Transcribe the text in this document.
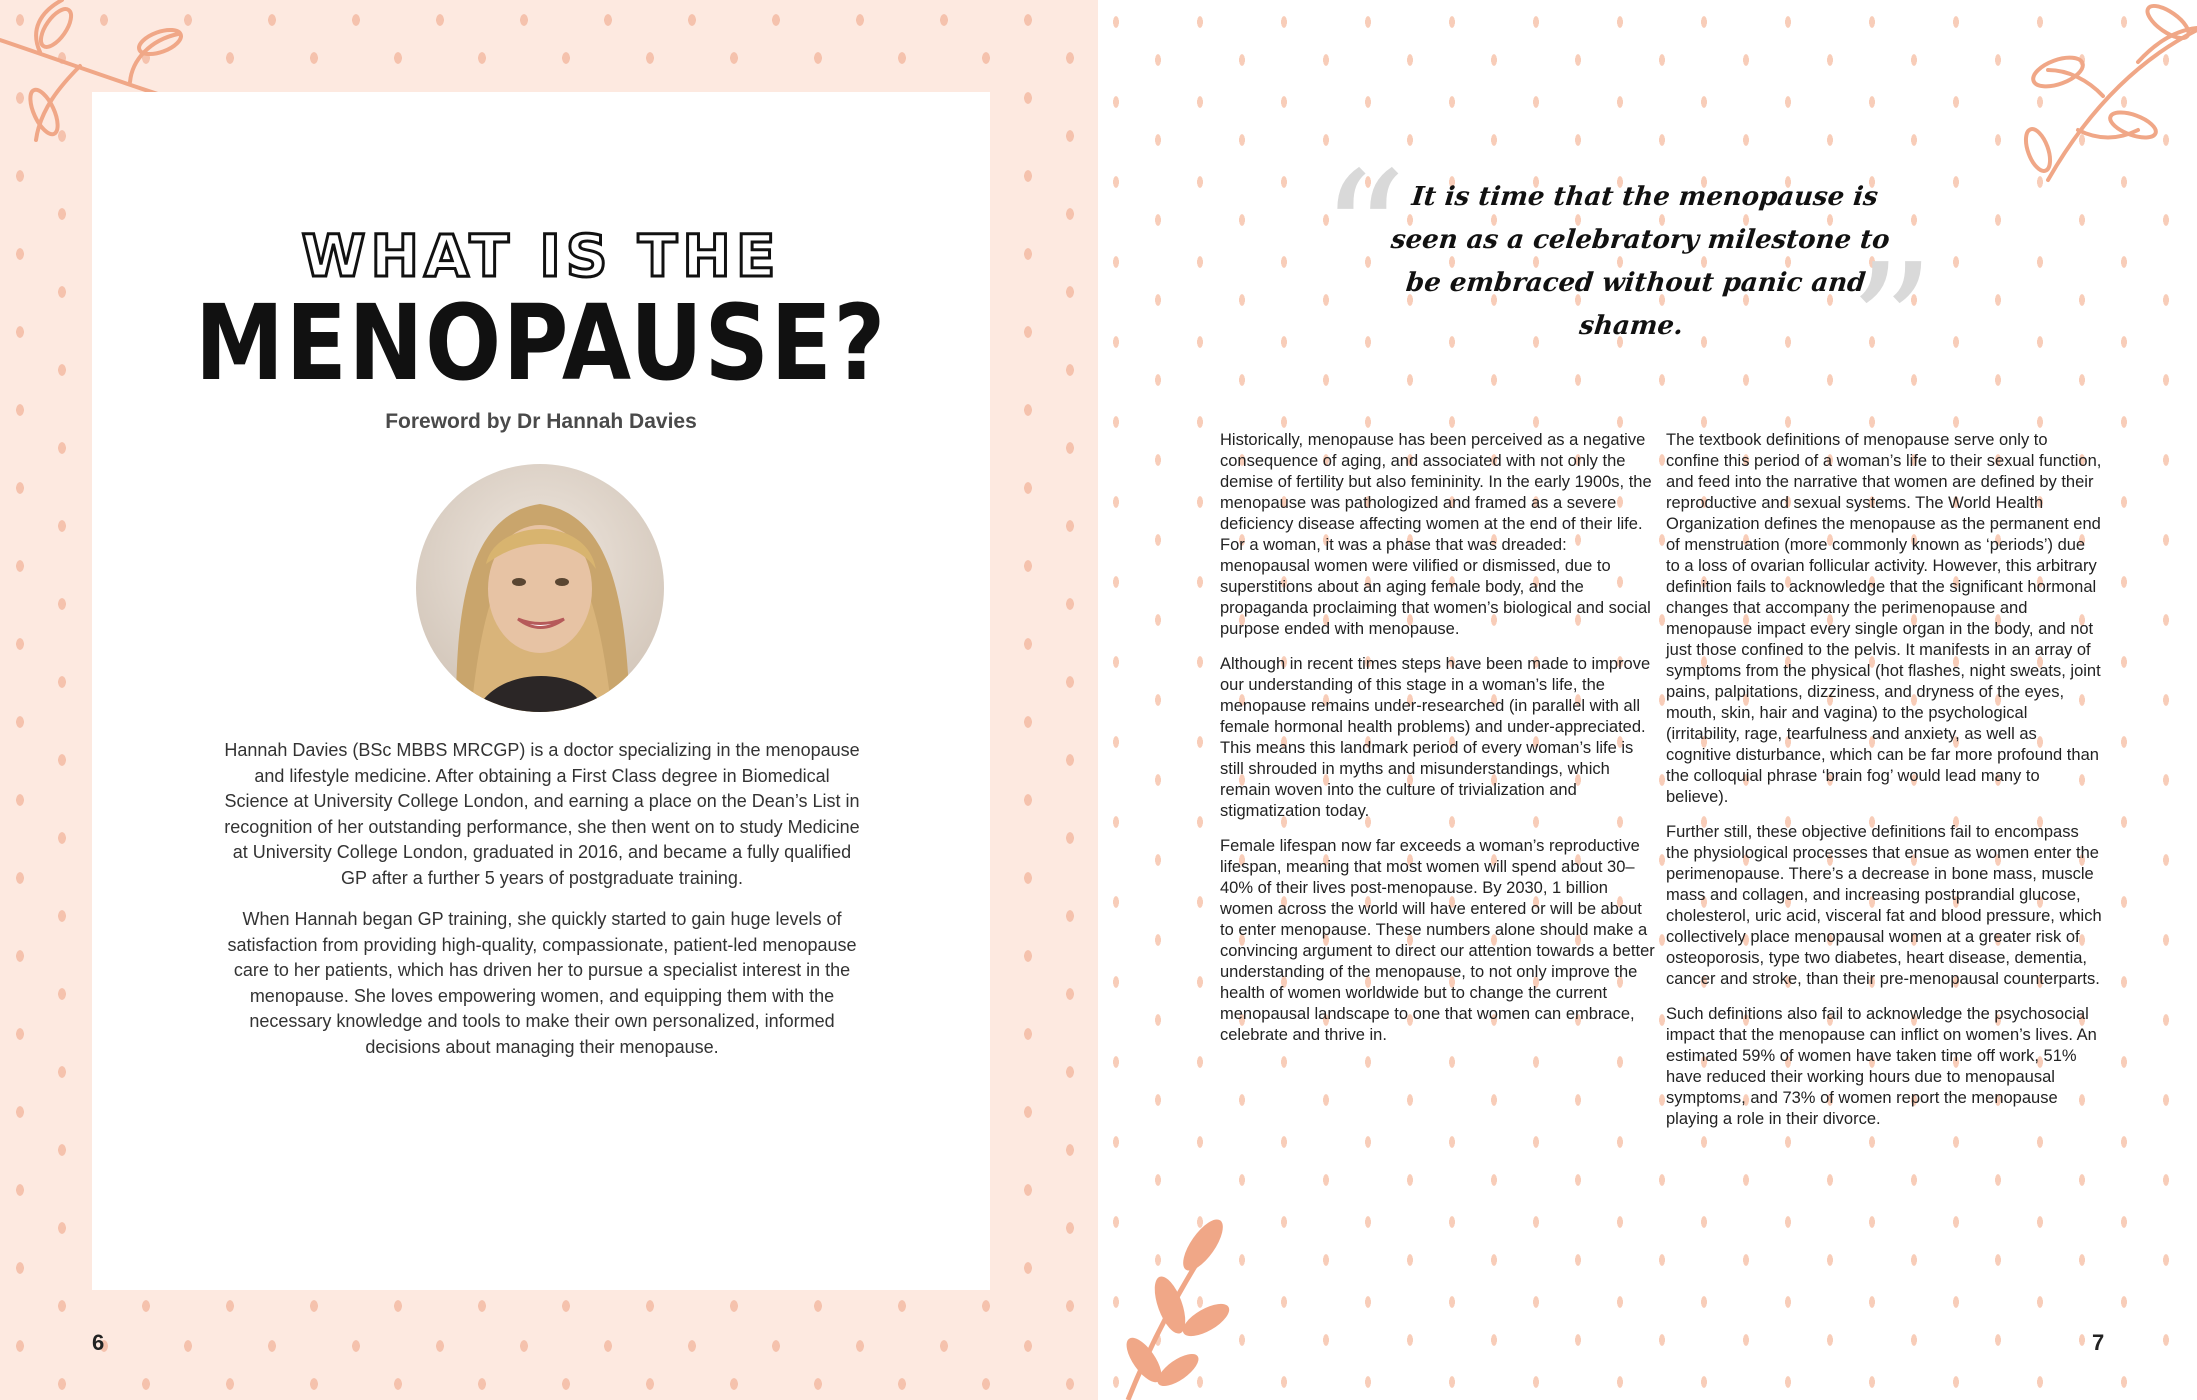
WHAT IS THE
MENOPAUSE?
Foreword by Dr Hannah Davies

Hannah Davies (BSc MBBS MRCGP) is a doctor specializing in the menopause and lifestyle medicine. After obtaining a First Class degree in Biomedical Science at University College London, and earning a place on the Dean’s List in recognition of her outstanding performance, she then went on to study Medicine at University College London, graduated in 2016, and became a fully qualified GP after a further 5 years of postgraduate training.

When Hannah began GP training, she quickly started to gain huge levels of satisfaction from providing high-quality, compassionate, patient-led menopause care to her patients, which has driven her to pursue a specialist interest in the menopause. She loves empowering women, and equipping them with the necessary knowledge and tools to make their own personalized, informed decisions about managing their menopause.

6
“ It is time that the menopause is seen as a celebratory milestone to be embraced without panic and shame. ”

Historically, menopause has been perceived as a negative consequence of aging, and associated with not only the demise of fertility but also femininity. In the early 1900s, the menopause was pathologized and framed as a severe deficiency disease affecting women at the end of their life. For a woman, it was a phase that was dreaded: menopausal women were vilified or dismissed, due to superstitions about an aging female body, and the propaganda proclaiming that women’s biological and social purpose ended with menopause.

Although in recent times steps have been made to improve our understanding of this stage in a woman’s life, the menopause remains under-researched (in parallel with all female hormonal health problems) and under-appreciated. This means this landmark period of every woman’s life is still shrouded in myths and misunderstandings, which remain woven into the culture of trivialization and stigmatization today.

Female lifespan now far exceeds a woman’s reproductive lifespan, meaning that most women will spend about 30–40% of their lives post-menopause. By 2030, 1 billion women across the world will have entered or will be about to enter menopause. These numbers alone should make a convincing argument to direct our attention towards a better understanding of the menopause, to not only improve the health of women worldwide but to change the current menopausal landscape to one that women can embrace, celebrate and thrive in.

The textbook definitions of menopause serve only to confine this period of a woman’s life to their sexual function, and feed into the narrative that women are defined by their reproductive and sexual systems. The World Health Organization defines the menopause as the permanent end of menstruation (more commonly known as ‘periods’) due to a loss of ovarian follicular activity. However, this arbitrary definition fails to acknowledge that the significant hormonal changes that accompany the perimenopause and menopause impact every single organ in the body, and not just those confined to the pelvis. It manifests in an array of symptoms from the physical (hot flashes, night sweats, joint pains, palpitations, dizziness, and dryness of the eyes, mouth, skin, hair and vagina) to the psychological (irritability, rage, tearfulness and anxiety, as well as cognitive disturbance, which can be far more profound than the colloquial phrase ‘brain fog’ would lead many to believe).

Further still, these objective definitions fail to encompass the physiological processes that ensue as women enter the perimenopause. There’s a decrease in bone mass, muscle mass and collagen, and increasing postprandial glucose, cholesterol, uric acid, visceral fat and blood pressure, which collectively place menopausal women at a greater risk of osteoporosis, type two diabetes, heart disease, dementia, cancer and stroke, than their pre-menopausal counterparts.

Such definitions also fail to acknowledge the psychosocial impact that the menopause can inflict on women’s lives. An estimated 59% of women have taken time off work, 51% have reduced their working hours due to menopausal symptoms, and 73% of women report the menopause playing a role in their divorce.

7
